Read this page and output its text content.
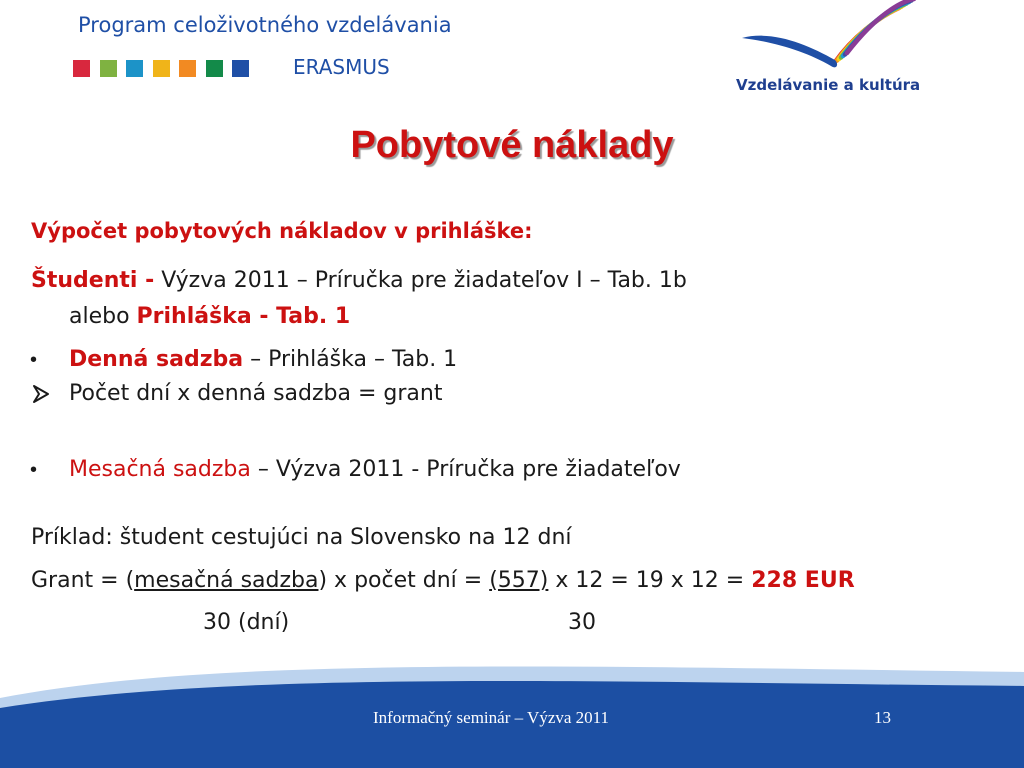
Program celoživotného vzdelávania
ERASMUS
Vzdelávanie a kultúra
Pobytové náklady
Výpočet pobytových nákladov v prihláške:
Študenti - Výzva 2011 – Príručka pre žiadateľov I – Tab. 1b
alebo Prihláška - Tab. 1
• Denná sadzba – Prihláška – Tab. 1
Počet dní x denná sadzba = grant
• Mesačná sadzba – Výzva 2011 - Príručka pre žiadateľov
Príklad: študent cestujúci na Slovensko na 12 dní
Grant = (mesačná sadzba) x počet dní = (557) x 12 = 19 x 12 = 228 EUR
30 (dní)	30
Informačný seminár – Výzva 2011	13
